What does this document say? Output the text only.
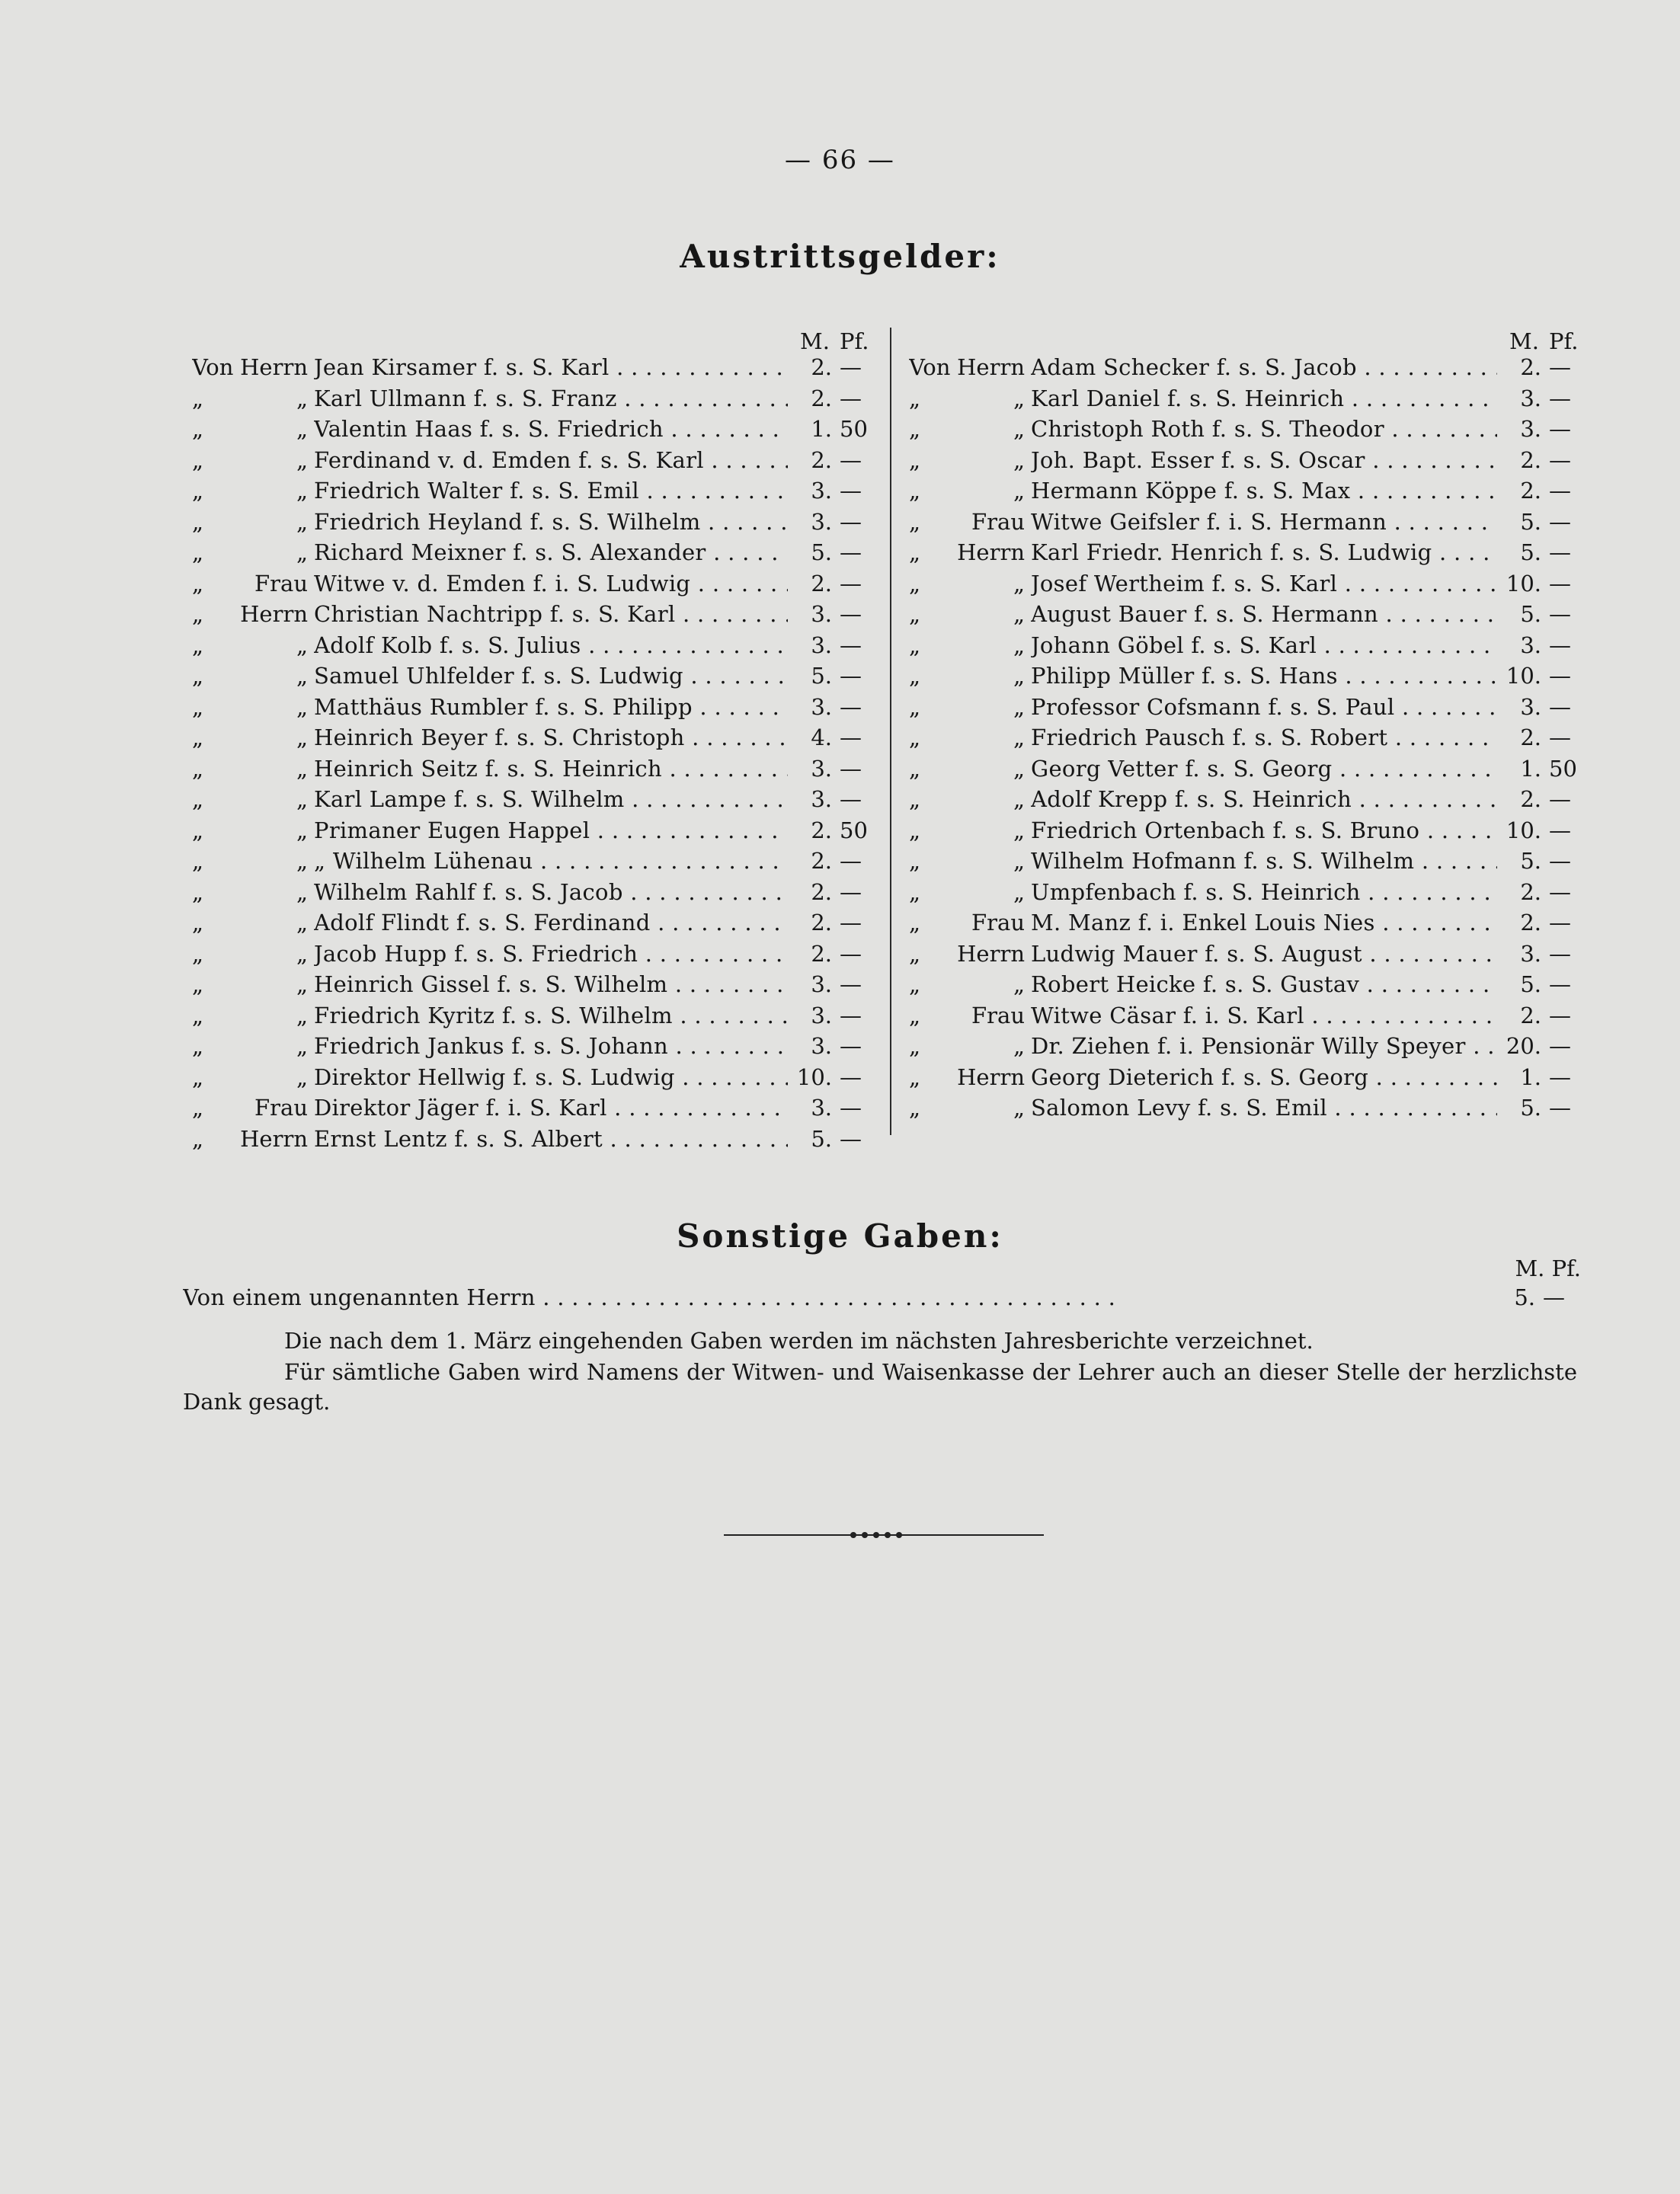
— 66 —
Austrittsgelder:
M. Pf.
Von Herrn Jean Kirsamer f. s. S. Karl . . .	2. —
„	„ Karl Ullmann f. s. S. Franz . . .	2. —
„	„ Valentin Haas f. s. S. Friedrich . . .	1. 50
„	„ Ferdinand v. d. Emden f. s. S. Karl . . .	2. —
„	„ Friedrich Walter f. s. S. Emil . . .	3. —
„	„ Friedrich Heyland f. s. S. Wilhelm . . .	3. —
„	„ Richard Meixner f. s. S. Alexander . . .	5. —
„	Frau Witwe v. d. Emden f. i. S. Ludwig . . .	2. —
„	Herrn Christian Nachtripp f. s. S. Karl . . .	3. —
„	„ Adolf Kolb f. s. S. Julius . . .	3. —
„	„ Samuel Uhlfelder f. s. S. Ludwig . . .	5. —
„	„ Matthäus Rumbler f. s. S. Philipp . . .	3. —
„	„ Heinrich Beyer f. s. S. Christoph . . .	4. —
„	„ Heinrich Seitz f. s. S. Heinrich . . .	3. —
„	„ Karl Lampe f. s. S. Wilhelm . . .	3. —
„	„ Primaner Eugen Happel . . .	2. 50
„	„ „ Wilhelm Lühenau . . .	2. —
„	„ Wilhelm Rahlf f. s. S. Jacob . . .	2. —
„	„ Adolf Flindt f. s. S. Ferdinand . . .	2. —
„	„ Jacob Hupp f. s. S. Friedrich . . .	2. —
„	„ Heinrich Gissel f. s. S. Wilhelm . . .	3. —
„	„ Friedrich Kyritz f. s. S. Wilhelm . . .	3. —
„	„ Friedrich Jankus f. s. S. Johann . . .	3. —
„	„ Direktor Hellwig f. s. S. Ludwig . . .	10. —
„	Frau Direktor Jäger f. i. S. Karl . . .	3. —
„	Herrn Ernst Lentz f. s. S. Albert . . .	5. —
M. Pf.
Von Herrn Adam Schecker f. s. S. Jacob . . .	2. —
„	„ Karl Daniel f. s. S. Heinrich . . .	3. —
„	„ Christoph Roth f. s. S. Theodor . . .	3. —
„	„ Joh. Bapt. Esser f. s. S. Oscar . . .	2. —
„	„ Hermann Köppe f. s. S. Max . . .	2. —
„	Frau Witwe Geifsler f. i. S. Hermann . . .	5. —
„	Herrn Karl Friedr. Henrich f. s. S. Ludwig . . .	5. —
„	„ Josef Wertheim f. s. S. Karl . . .	10. —
„	„ August Bauer f. s. S. Hermann . . .	5. —
„	„ Johann Göbel f. s. S. Karl . . .	3. —
„	„ Philipp Müller f. s. S. Hans . . .	10. —
„	„ Professor Cofsmann f. s. S. Paul . . .	3. —
„	„ Friedrich Pausch f. s. S. Robert . . .	2. —
„	„ Georg Vetter f. s. S. Georg . . .	1. 50
„	„ Adolf Krepp f. s. S. Heinrich . . .	2. —
„	„ Friedrich Ortenbach f. s. S. Bruno . . .	10. —
„	„ Wilhelm Hofmann f. s. S. Wilhelm . . .	5. —
„	„ Umpfenbach f. s. S. Heinrich . . .	2. —
„	Frau M. Manz f. i. Enkel Louis Nies . . .	2. —
„	Herrn Ludwig Mauer f. s. S. August . . .	3. —
„	„ Robert Heicke f. s. S. Gustav . . .	5. —
„	Frau Witwe Cäsar f. i. S. Karl . . .	2. —
„	„ Dr. Ziehen f. i. Pensionär Willy Speyer . . .	20. —
„	Herrn Georg Dieterich f. s. S. Georg . . .	1. —
„	„ Salomon Levy f. s. S. Emil . . .	5. —
Sonstige Gaben:
M. Pf.
Von einem ungenannten Herrn . . .	5. —
Die nach dem 1. März eingehenden Gaben werden im nächsten Jahresberichte verzeichnet.
Für sämtliche Gaben wird Namens der Witwen- und Waisenkasse der Lehrer auch an dieser Stelle der herzlichste Dank gesagt.
